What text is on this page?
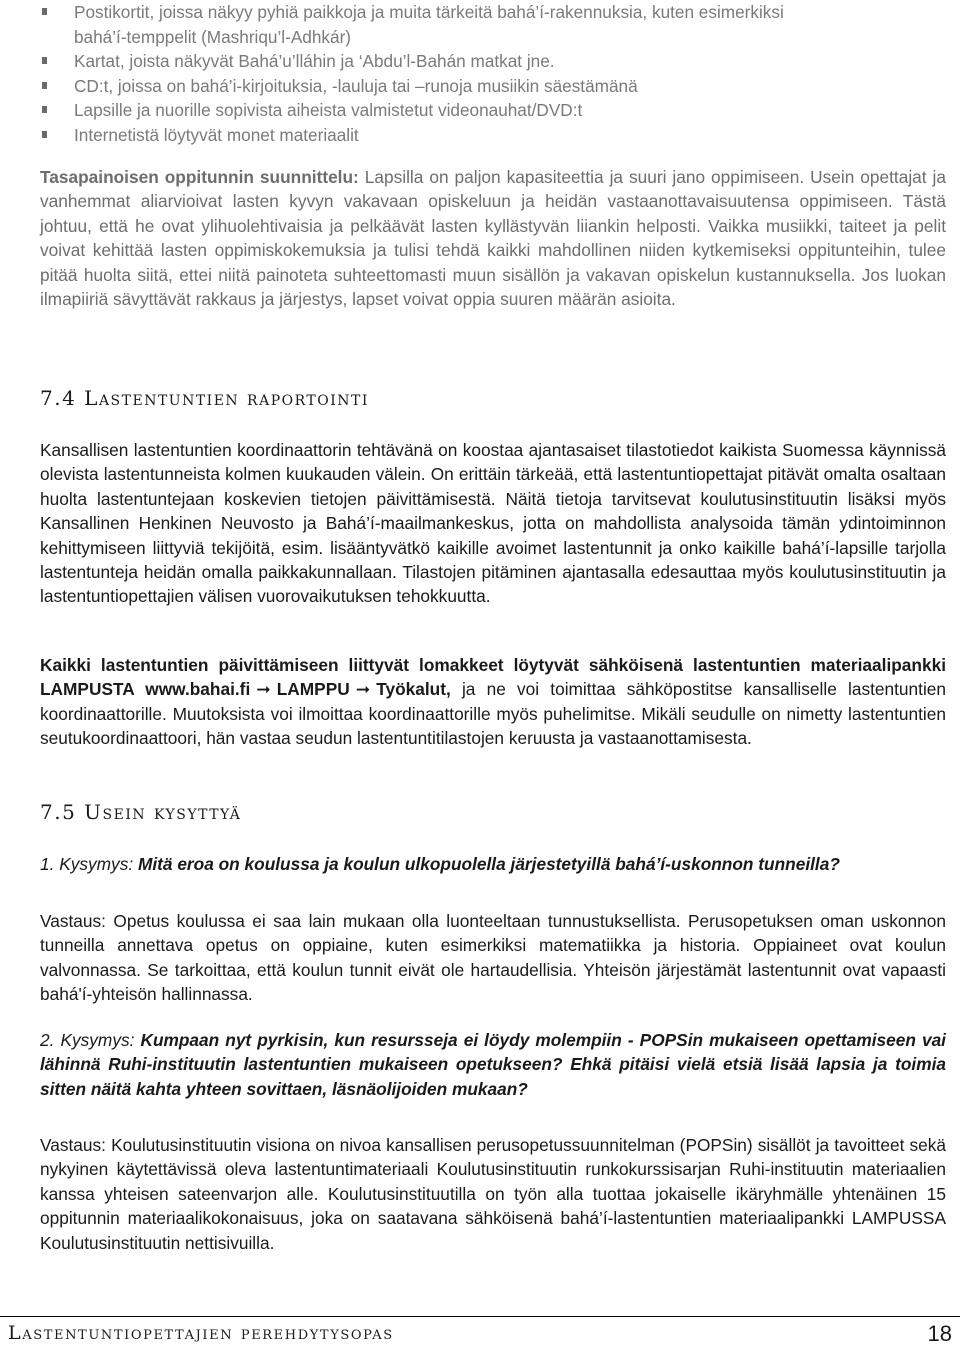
Postikortit, joissa näkyy pyhiä paikkoja ja muita tärkeitä bahá’í-rakennuksia, kuten esimerkiksi
bahá’í-temppelit (Mashriqu’l-Adhkár)
Kartat, joista näkyvät Bahá’u’lláhin ja ‘Abdu’l-Bahán matkat jne.
CD:t, joissa on bahá’i-kirjoituksia, -lauluja tai –runoja musiikin säestämänä
Lapsille ja nuorille sopivista aiheista valmistetut videonauhat/DVD:t
Internetistä löytyvät monet materiaalit

Tasapainoisen oppitunnin suunnittelu: Lapsilla on paljon kapasiteettia ja suuri jano oppimiseen. Usein opettajat ja vanhemmat aliarvioivat lasten kyvyn vakavaan opiskeluun ja heidän vastaanottavaisuutensa oppimiseen. Tästä johtuu, että he ovat ylihuolehtivaisia ja pelkäävät lasten kyllästyvän liiankin helposti. Vaikka musiikki, taiteet ja pelit voivat kehittää lasten oppimiskokemuksia ja tulisi tehdä kaikki mahdollinen niiden kytkemiseksi oppitunteihin, tulee pitää huolta siitä, ettei niitä painoteta suhteettomasti muun sisällön ja vakavan opiskelun kustannuksella. Jos luokan ilmapiiriä sävyttävät rakkaus ja järjestys, lapset voivat oppia suuren määrän asioita.

7.4 Lastentuntien raportointi

Kansallisen lastentuntien koordinaattorin tehtävänä on koostaa ajantasaiset tilastotiedot kaikista Suomessa käynnissä olevista lastentunneista kolmen kuukauden välein. On erittäin tärkeää, että lastentuntiopettajat pitävät omalta osaltaan huolta lastentuntejaan koskevien tietojen päivittämisestä. Näitä tietoja tarvitsevat koulutusinstituutin lisäksi myös Kansallinen Henkinen Neuvosto ja Bahá’í-maailmankeskus, jotta on mahdollista analysoida tämän ydintoiminnon kehittymiseen liittyviä tekijöitä, esim. lisääntyvätkö kaikille avoimet lastentunnit ja onko kaikille bahá’í-lapsille tarjolla lastentunteja heidän omalla paikkakunnallaan. Tilastojen pitäminen ajantasalla edesauttaa myös koulutusinstituutin ja lastentuntiopettajien välisen vuorovaikutuksen tehokkuutta.

Kaikki lastentuntien päivittämiseen liittyvät lomakkeet löytyvät sähköisenä lastentuntien materiaalipankki LAMPUSTA www.bahai.fi ➞ LAMPPU ➞ Työkalut, ja ne voi toimittaa sähköpostitse kansalliselle lastentuntien koordinaattorille. Muutoksista voi ilmoittaa koordinaattorille myös puhelimitse. Mikäli seudulle on nimetty lastentuntien seutukoordinaattoori, hän vastaa seudun lastentuntitilastojen keruusta ja vastaanottamisesta.

7.5 Usein kysyttyä

1. Kysymys: Mitä eroa on koulussa ja koulun ulkopuolella järjestetyillä bahá’í-uskonnon tunneilla?

Vastaus: Opetus koulussa ei saa lain mukaan olla luonteeltaan tunnustuksellista. Perusopetuksen oman uskonnon tunneilla annettava opetus on oppiaine, kuten esimerkiksi matematiikka ja historia. Oppiaineet ovat koulun valvonnassa. Se tarkoittaa, että koulun tunnit eivät ole hartaudellisia. Yhteisön järjestämät lastentunnit ovat vapaasti bahá'í-yhteisön hallinnassa.

2. Kysymys: Kumpaan nyt pyrkisin, kun resursseja ei löydy molempiin - POPSin mukaiseen opettamiseen vai lähinnä Ruhi-instituutin lastentuntien mukaiseen opetukseen? Ehkä pitäisi vielä etsiä lisää lapsia ja toimia sitten näitä kahta yhteen sovittaen, läsnäolijoiden mukaan?

Vastaus: Koulutusinstituutin visiona on nivoa kansallisen perusopetussuunnitelman (POPSin) sisällöt ja tavoitteet sekä nykyinen käytettävissä oleva lastentuntimateriaali Koulutusinstituutin runkokurssisarjan Ruhi-instituutin materiaalien kanssa yhteisen sateenvarjon alle. Koulutusinstituutilla on työn alla tuottaa jokaiselle ikäryhmälle yhtenäinen 15 oppitunnin materiaalikokonaisuus, joka on saatavana sähköisenä bahá’í-lastentuntien materiaalipankki LAMPUSSA Koulutusinstituutin nettisivuilla.

Lastentuntiopettajien perehdytysopas	18
